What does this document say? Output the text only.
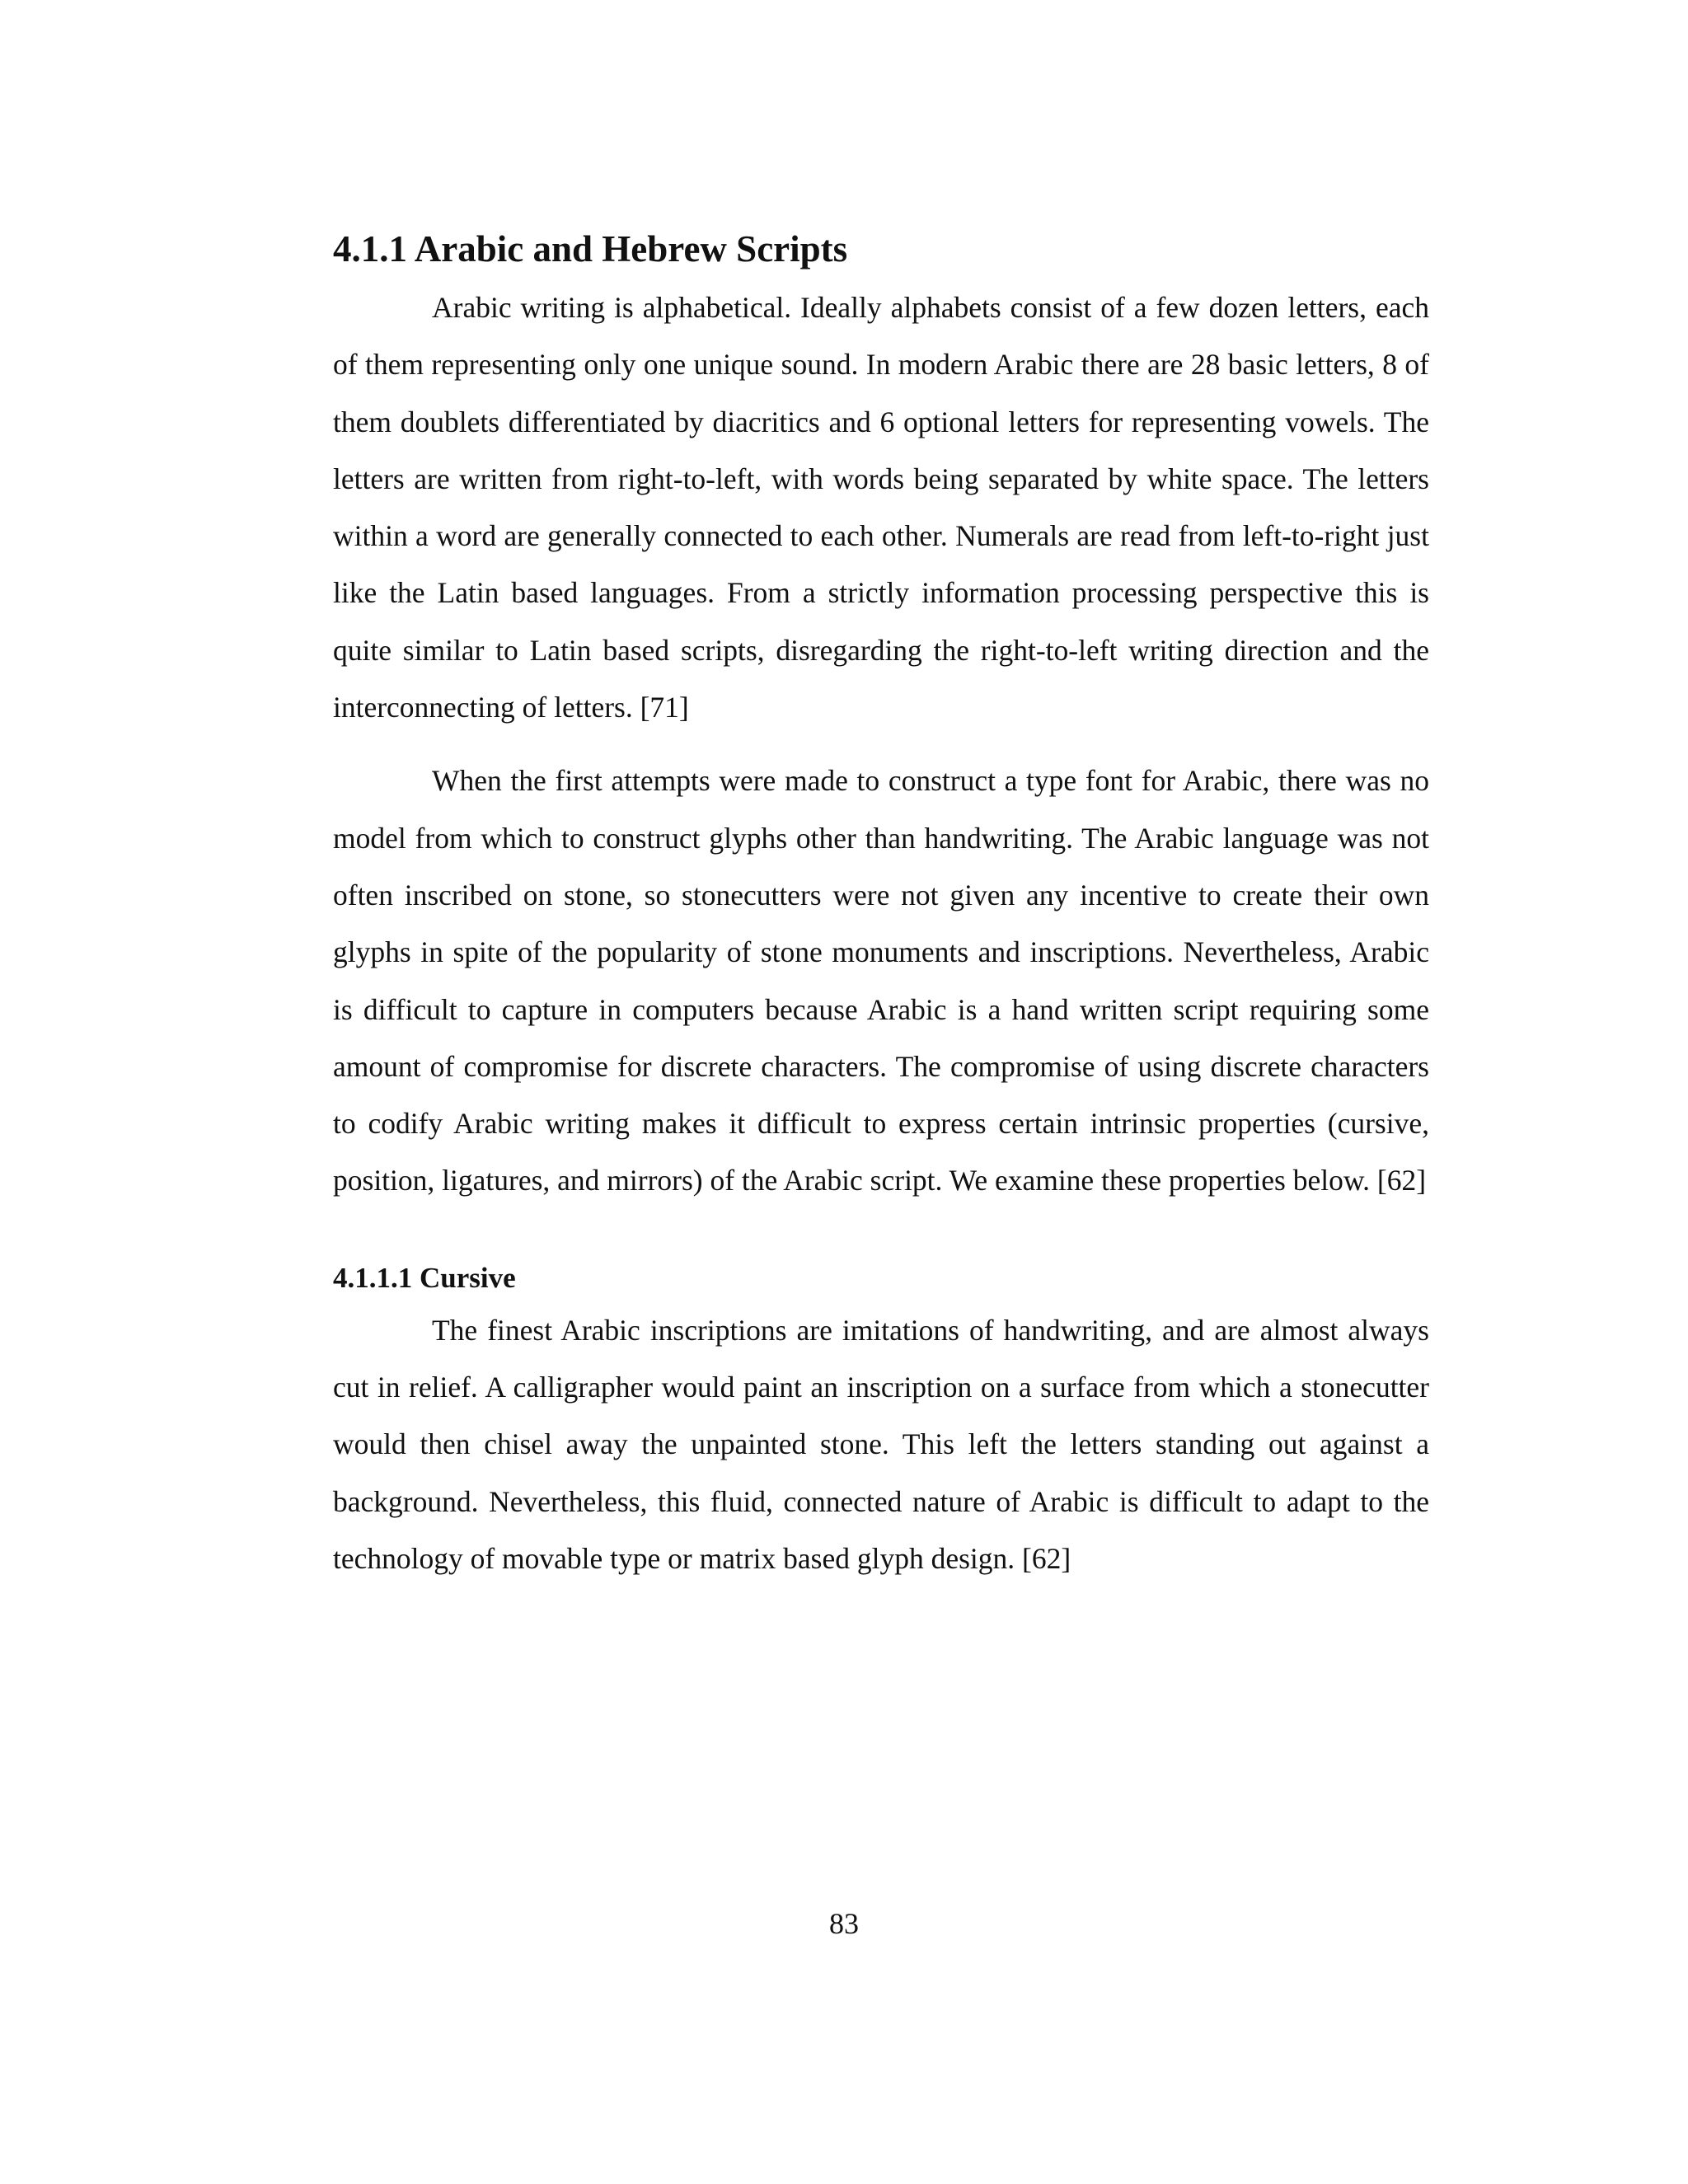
4.1.1 Arabic and Hebrew Scripts

Arabic writing is alphabetical. Ideally alphabets consist of a few dozen letters, each of them representing only one unique sound. In modern Arabic there are 28 basic letters, 8 of them doublets differentiated by diacritics and 6 optional letters for representing vowels. The letters are written from right-to-left, with words being separated by white space. The letters within a word are generally connected to each other. Numerals are read from left-to-right just like the Latin based languages. From a strictly information processing perspective this is quite similar to Latin based scripts, disregarding the right-to-left writing direction and the interconnecting of letters. [71]

When the first attempts were made to construct a type font for Arabic, there was no model from which to construct glyphs other than handwriting. The Arabic language was not often inscribed on stone, so stonecutters were not given any incentive to create their own glyphs in spite of the popularity of stone monuments and inscriptions. Nevertheless, Arabic is difficult to capture in computers because Arabic is a hand written script requiring some amount of compromise for discrete characters. The compromise of using discrete characters to codify Arabic writing makes it difficult to express certain intrinsic properties (cursive, position, ligatures, and mirrors) of the Arabic script. We examine these properties below. [62]

4.1.1.1 Cursive

The finest Arabic inscriptions are imitations of handwriting, and are almost always cut in relief. A calligrapher would paint an inscription on a surface from which a stonecutter would then chisel away the unpainted stone. This left the letters standing out against a background. Nevertheless, this fluid, connected nature of Arabic is difficult to adapt to the technology of movable type or matrix based glyph design. [62]

83
